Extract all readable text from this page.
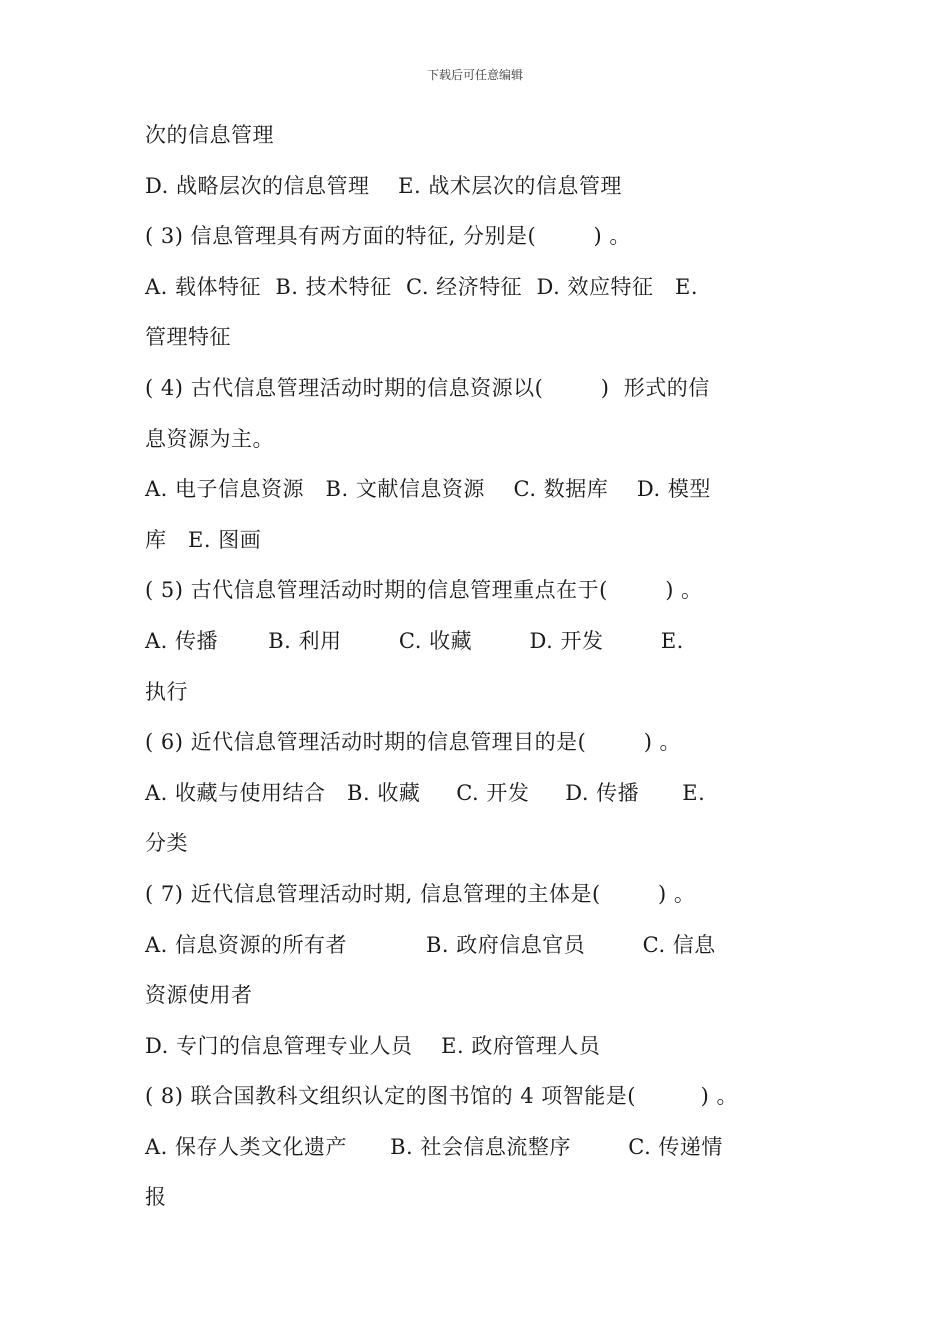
下载后可任意编辑
次的信息管理
D. 战略层次的信息管理    E. 战术层次的信息管理
( 3) 信息管理具有两方面的特征, 分别是(        ) 。
A. 载体特征  B. 技术特征  C. 经济特征  D. 效应特征   E.
管理特征
( 4) 古代信息管理活动时期的信息资源以(        )  形式的信
息资源为主。
A. 电子信息资源   B. 文献信息资源    C. 数据库    D. 模型
库   E. 图画
( 5) 古代信息管理活动时期的信息管理重点在于(        ) 。
A. 传播       B. 利用        C. 收藏        D. 开发        E.
执行
( 6) 近代信息管理活动时期的信息管理目的是(        ) 。
A. 收藏与使用结合   B. 收藏     C. 开发     D. 传播      E.
分类
( 7) 近代信息管理活动时期, 信息管理的主体是(        ) 。
A. 信息资源的所有者           B. 政府信息官员        C. 信息
资源使用者
D. 专门的信息管理专业人员    E. 政府管理人员
( 8) 联合国教科文组织认定的图书馆的 4 项智能是(         ) 。
A. 保存人类文化遗产      B. 社会信息流整序        C. 传递情
报
